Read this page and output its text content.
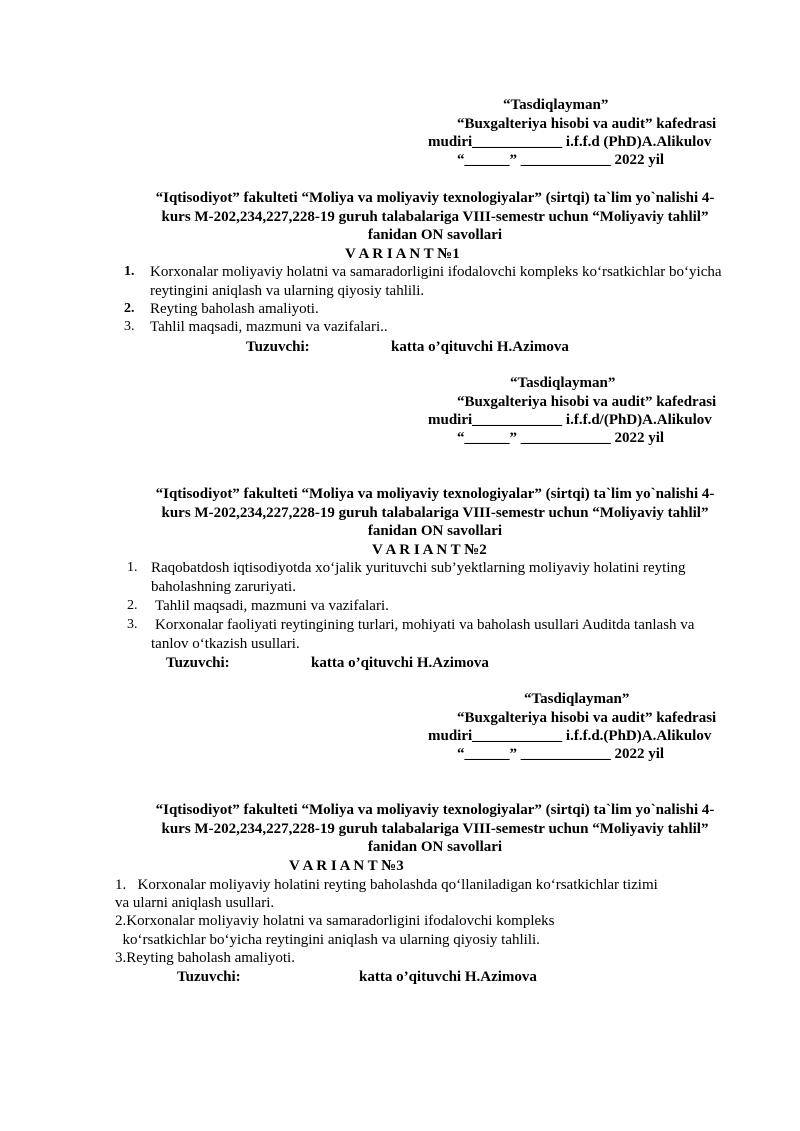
“Tasdiqlayman”
“Buxgalteriya hisobi va audit” kafedrasi
mudiri____________ i.f.f.d (PhD)A.Alikulov
“______” ____________ 2022 yil
“Iqtisodiyot” fakulteti “Moliya va moliyaviy texnologiyalar” (sirtqi) ta`lim yo`nalishi 4-
kurs M-202,234,227,228-19 guruh talabalariga VIII-semestr uchun “Moliyaviy tahlil”
fanidan ON savollari
V A R I A N T №1
1. Korxonalar moliyaviy holatni va samaradorligini ifodalovchi kompleks koʻrsatkichlar boʻyicha
reytingini aniqlash va ularning qiyosiy tahlili.
2. Reyting baholash amaliyoti.
3. Tahlil maqsadi, mazmuni va vazifalari..
Tuzuvchi:	katta o’qituvchi H.Azimova
“Tasdiqlayman”
“Buxgalteriya hisobi va audit” kafedrasi
mudiri____________ i.f.f.d/(PhD)A.Alikulov
“______” ____________ 2022 yil
“Iqtisodiyot” fakulteti “Moliya va moliyaviy texnologiyalar” (sirtqi) ta`lim yo`nalishi 4-
kurs M-202,234,227,228-19 guruh talabalariga VIII-semestr uchun “Moliyaviy tahlil”
fanidan ON savollari
V A R I A N T №2
1. Raqobatdosh iqtisodiyotda xoʻjalik yurituvchi sub’yektlarning moliyaviy holatini reyting
baholashning zaruriyati.
2. Tahlil maqsadi, mazmuni va vazifalari.
3. Korxonalar faoliyati reytingining turlari, mohiyati va baholash usullari Auditda tanlash va
tanlov oʻtkazish usullari.
Tuzuvchi:	katta o’qituvchi H.Azimova
“Tasdiqlayman”
“Buxgalteriya hisobi va audit” kafedrasi
mudiri____________ i.f.f.d.(PhD)A.Alikulov
“______” ____________ 2022 yil
“Iqtisodiyot” fakulteti “Moliya va moliyaviy texnologiyalar” (sirtqi) ta`lim yo`nalishi 4-
kurs M-202,234,227,228-19 guruh talabalariga VIII-semestr uchun “Moliyaviy tahlil”
fanidan ON savollari
V A R I A N T №3
1.   Korxonalar moliyaviy holatini reyting baholashda qoʻllaniladigan koʻrsatkichlar tizimi
va ularni aniqlash usullari.
2.Korxonalar moliyaviy holatni va samaradorligini ifodalovchi kompleks
koʻrsatkichlar boʻyicha reytingini aniqlash va ularning qiyosiy tahlili.
3.Reyting baholash amaliyoti.
Tuzuvchi:	katta o’qituvchi H.Azimova
